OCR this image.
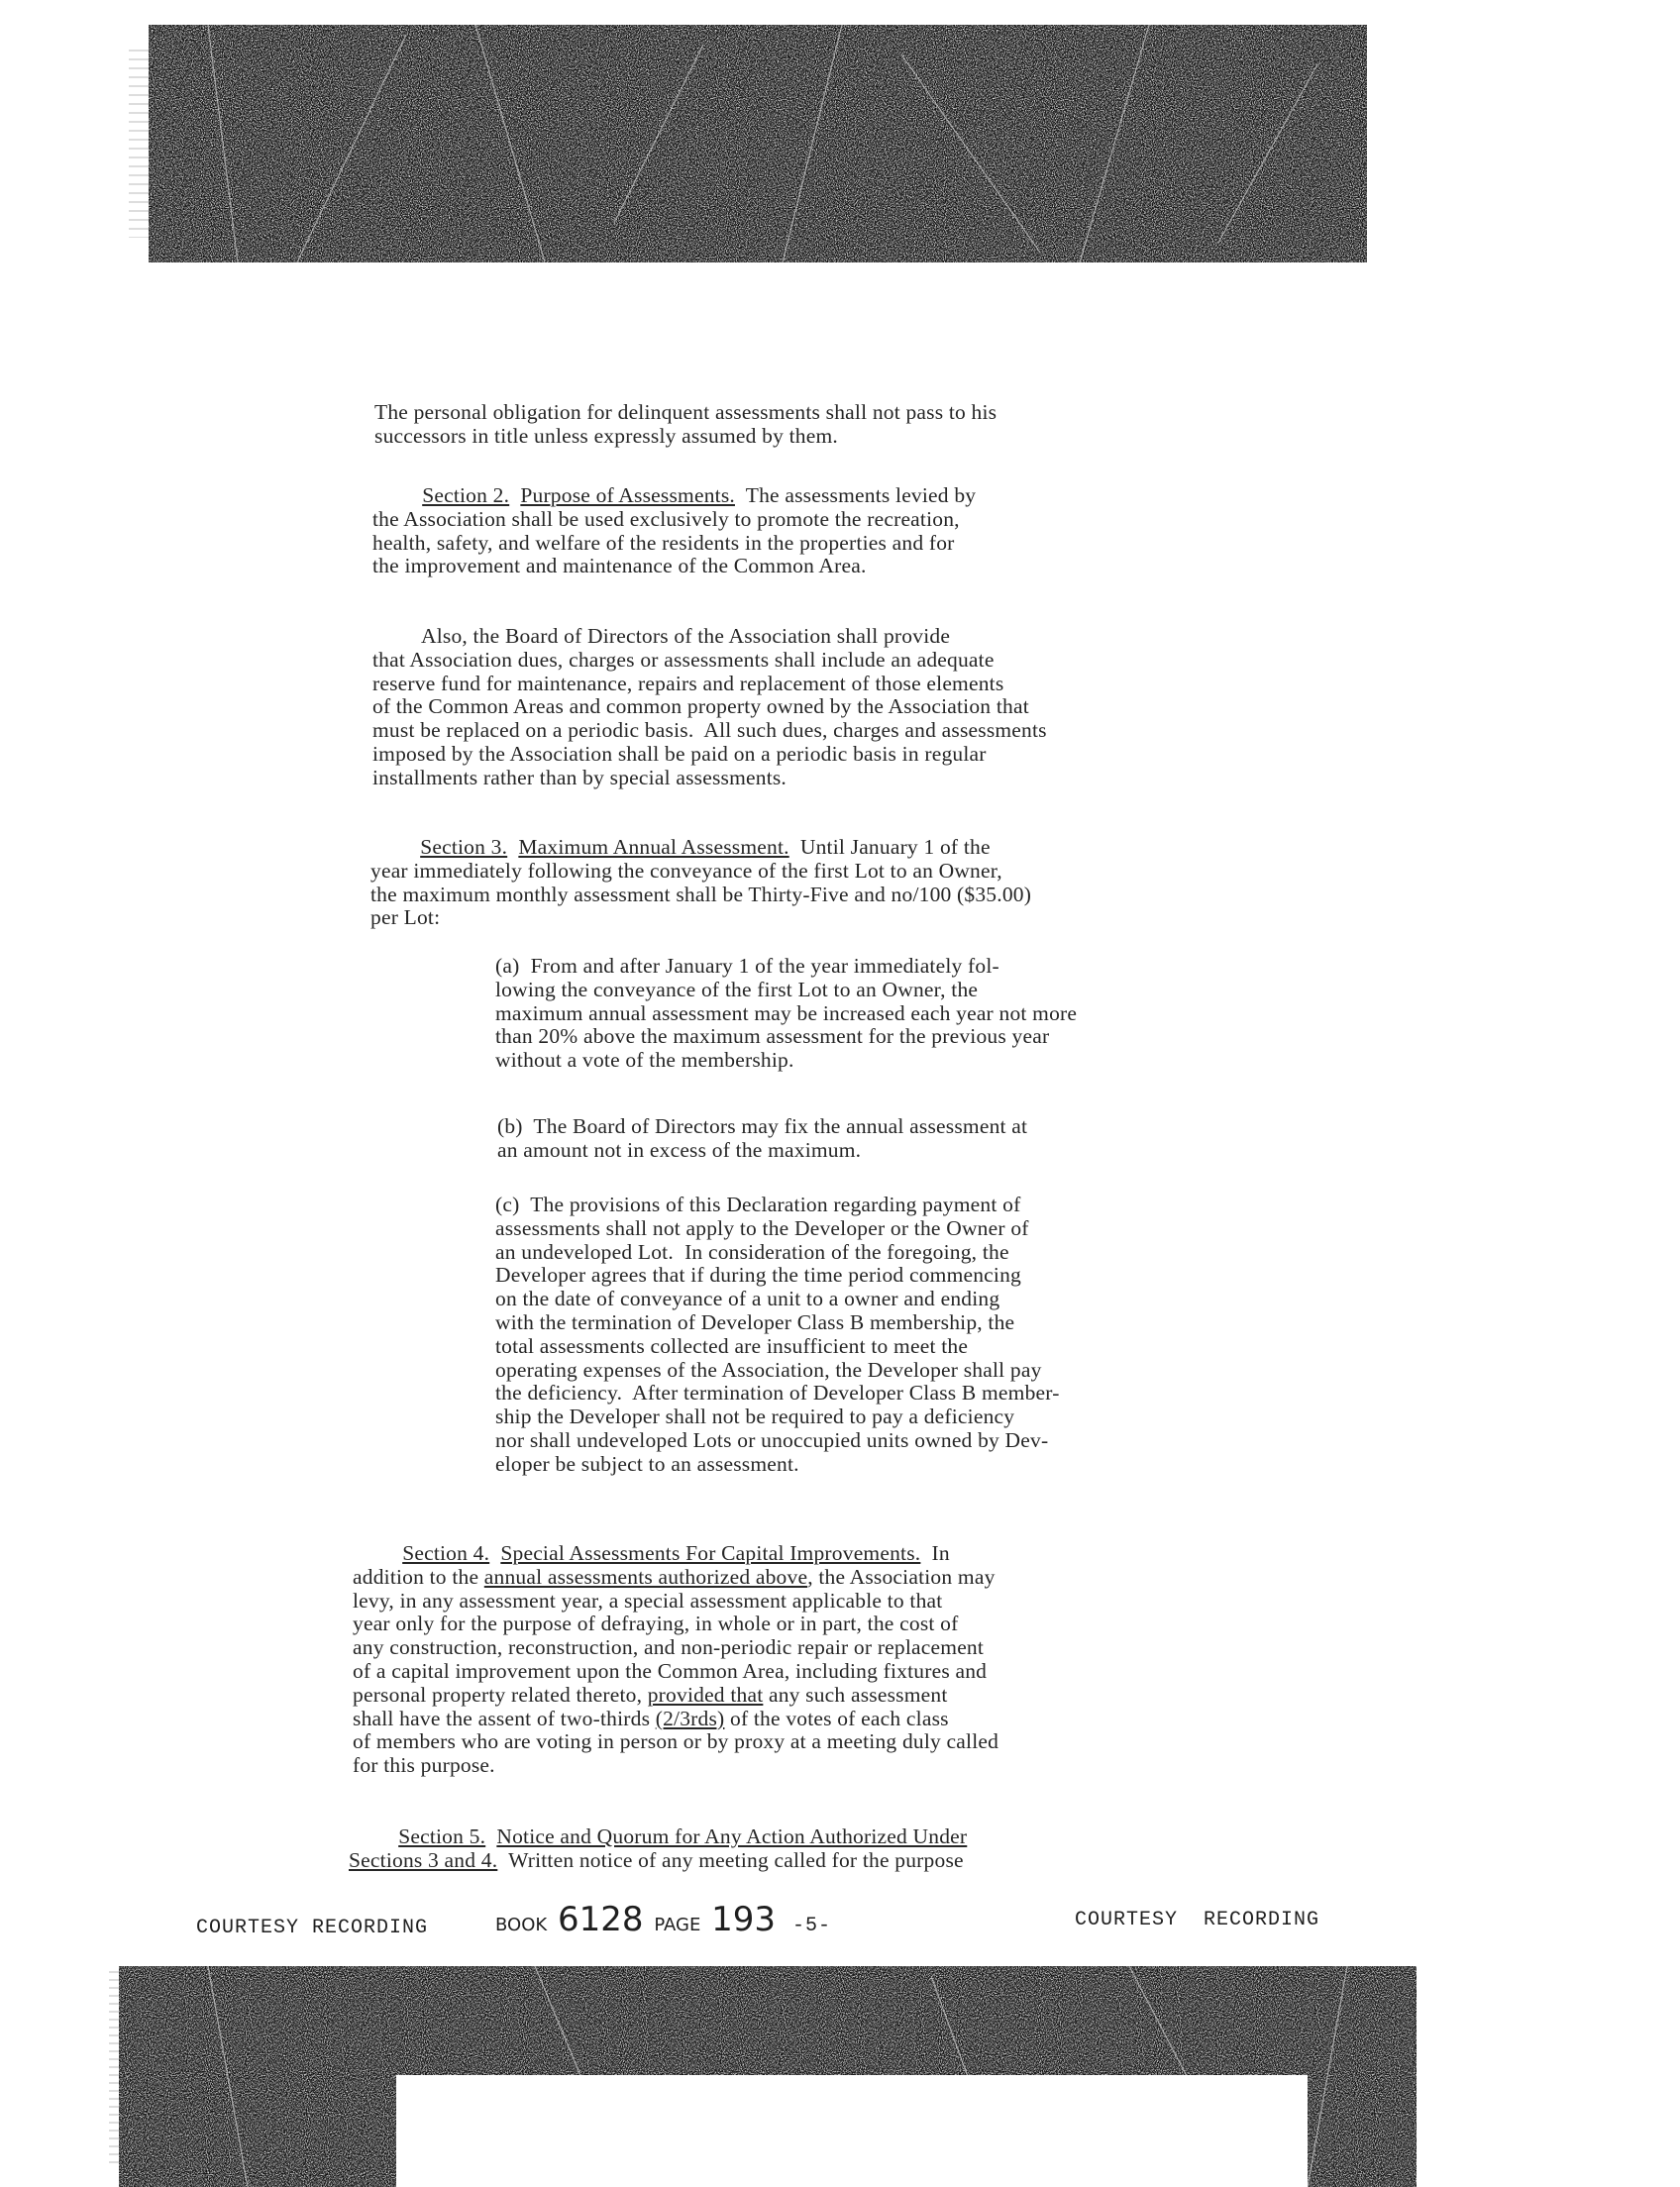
The personal obligation for delinquent assessments shall not pass to his
successors in title unless expressly assumed by them.
Section 2. Purpose of Assessments.  The assessments levied by
the Association shall be used exclusively to promote the recreation,
health, safety, and welfare of the residents in the properties and for
the improvement and maintenance of the Common Area.
Also, the Board of Directors of the Association shall provide
that Association dues, charges or assessments shall include an adequate
reserve fund for maintenance, repairs and replacement of those elements
of the Common Areas and common property owned by the Association that
must be replaced on a periodic basis.  All such dues, charges and assessments
imposed by the Association shall be paid on a periodic basis in regular
installments rather than by special assessments.
Section 3. Maximum Annual Assessment.  Until January 1 of the
year immediately following the conveyance of the first Lot to an Owner,
the maximum monthly assessment shall be Thirty-Five and no/100 ($35.00)
per Lot:
(a)  From and after January 1 of the year immediately fol-
lowing the conveyance of the first Lot to an Owner, the
maximum annual assessment may be increased each year not more
than 20% above the maximum assessment for the previous year
without a vote of the membership.
(b)  The Board of Directors may fix the annual assessment at
an amount not in excess of the maximum.
(c)  The provisions of this Declaration regarding payment of
assessments shall not apply to the Developer or the Owner of
an undeveloped Lot.  In consideration of the foregoing, the
Developer agrees that if during the time period commencing
on the date of conveyance of a unit to a owner and ending
with the termination of Developer Class B membership, the
total assessments collected are insufficient to meet the
operating expenses of the Association, the Developer shall pay
the deficiency.  After termination of Developer Class B member-
ship the Developer shall not be required to pay a deficiency
nor shall undeveloped Lots or unoccupied units owned by Dev-
eloper be subject to an assessment.
Section 4. Special Assessments For Capital Improvements.  In
addition to the annual assessments authorized above, the Association may
levy, in any assessment year, a special assessment applicable to that
year only for the purpose of defraying, in whole or in part, the cost of
any construction, reconstruction, and non-periodic repair or replacement
of a capital improvement upon the Common Area, including fixtures and
personal property related thereto, provided that any such assessment
shall have the assent of two-thirds (2/3rds) of the votes of each class
of members who are voting in person or by proxy at a meeting duly called
for this purpose.
Section 5. Notice and Quorum for Any Action Authorized Under
Sections 3 and 4.  Written notice of any meeting called for the purpose
COURTESY RECORDING	BOOK 6128 PAGE 193 -5-	COURTESY  RECORDING
